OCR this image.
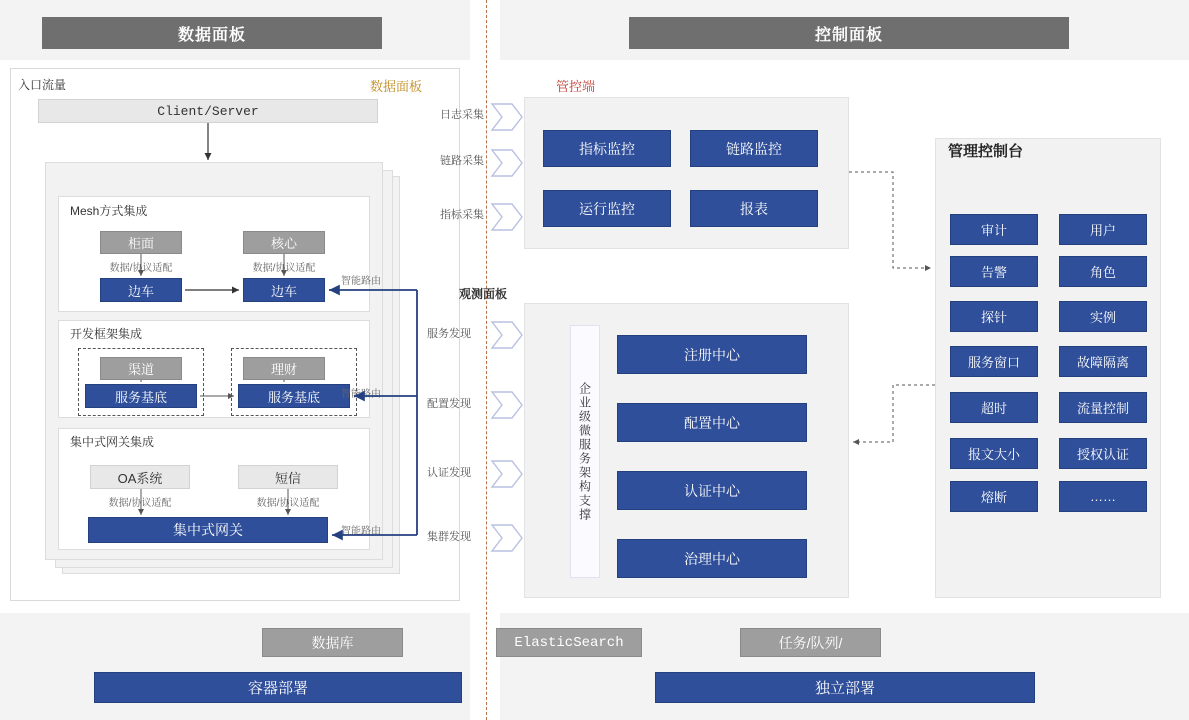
数据面板	控制面板
入口流量	数据面板
Client/Server
Mesh方式集成
柜面	核心
数据/协议适配	数据/协议适配
边车	边车
智能路由
开发框架集成
渠道	理财
服务基底	服务基底	智能路由
集中式网关集成
OA系统	短信
数据/协议适配	数据/协议适配
集中式网关	智能路由
管控端
观测面板
日志采集
链路采集
指标采集
服务发现
配置发现
认证发现
集群发现
指标监控	链路监控
运行监控	报表
企业级微服务架构支撑
注册中心
配置中心
认证中心
治理中心
管理控制台
审计	用户
告警	角色
探针	实例
服务窗口	故障隔离
超时	流量控制
报文大小	授权认证
熔断	……
数据库	ElasticSearch	任务/队列/
容器部署	独立部署
